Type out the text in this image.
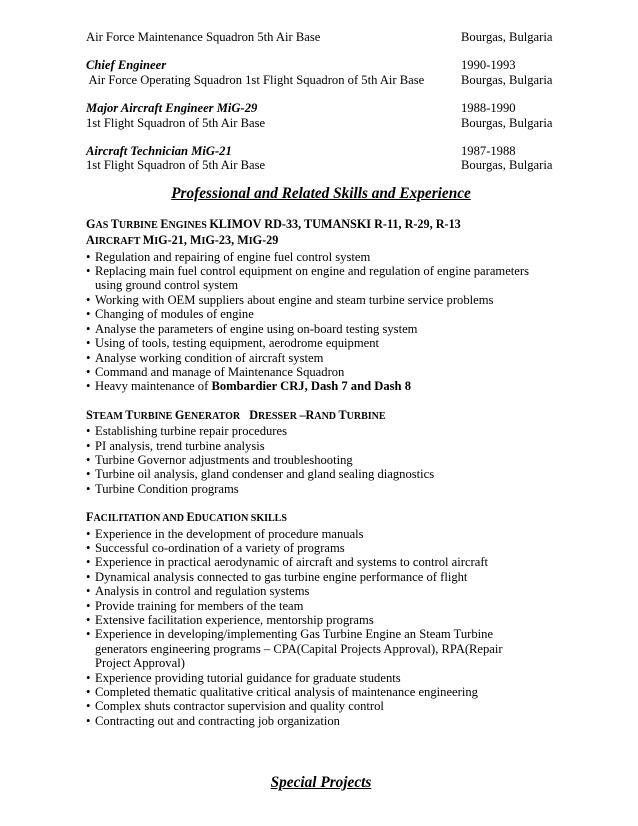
Air Force Maintenance Squadron 5th Air Base	Bourgas, Bulgaria
Chief Engineer	1990-1993
Air Force Operating Squadron 1st Flight Squadron of 5th Air Base	Bourgas, Bulgaria
Major Aircraft Engineer MiG-29	1988-1990
1st Flight Squadron of 5th Air Base	Bourgas, Bulgaria
Aircraft Technician MiG-21	1987-1988
1st Flight Squadron of 5th Air Base	Bourgas, Bulgaria
Professional and Related Skills and Experience
GAS TURBINE ENGINES KLIMOV RD-33, TUMANSKI R-11, R-29, R-13
AIRCRAFT MIG-21, MIG-23, MIG-29
• Regulation and repairing of engine fuel control system
• Replacing main fuel control equipment on engine and regulation of engine parameters using ground control system
• Working with OEM suppliers about engine and steam turbine service problems
• Changing of modules of engine
• Analyse the parameters of engine using on-board testing system
• Using of tools, testing equipment, aerodrome equipment
• Analyse working condition of aircraft system
• Command and manage of Maintenance Squadron
• Heavy maintenance of Bombardier CRJ, Dash 7 and Dash 8
STEAM TURBINE GENERATOR DRESSER –RAND TURBINE
• Establishing turbine repair procedures
• PI analysis, trend turbine analysis
• Turbine Governor adjustments and troubleshooting
• Turbine oil analysis, gland condenser and gland sealing diagnostics
• Turbine Condition programs
FACILITATION AND EDUCATION SKILLS
• Experience in the development of procedure manuals
• Successful co-ordination of a variety of programs
• Experience in practical aerodynamic of aircraft and systems to control aircraft
• Dynamical analysis connected to gas turbine engine performance of flight
• Analysis in control and regulation systems
• Provide training for members of the team
• Extensive facilitation experience, mentorship programs
• Experience in developing/implementing Gas Turbine Engine an Steam Turbine generators engineering programs – CPA(Capital Projects Approval), RPA(Repair Project Approval)
• Experience providing tutorial guidance for graduate students
• Completed thematic qualitative critical analysis of maintenance engineering
• Complex shuts contractor supervision and quality control
• Contracting out and contracting job organization
Special Projects
